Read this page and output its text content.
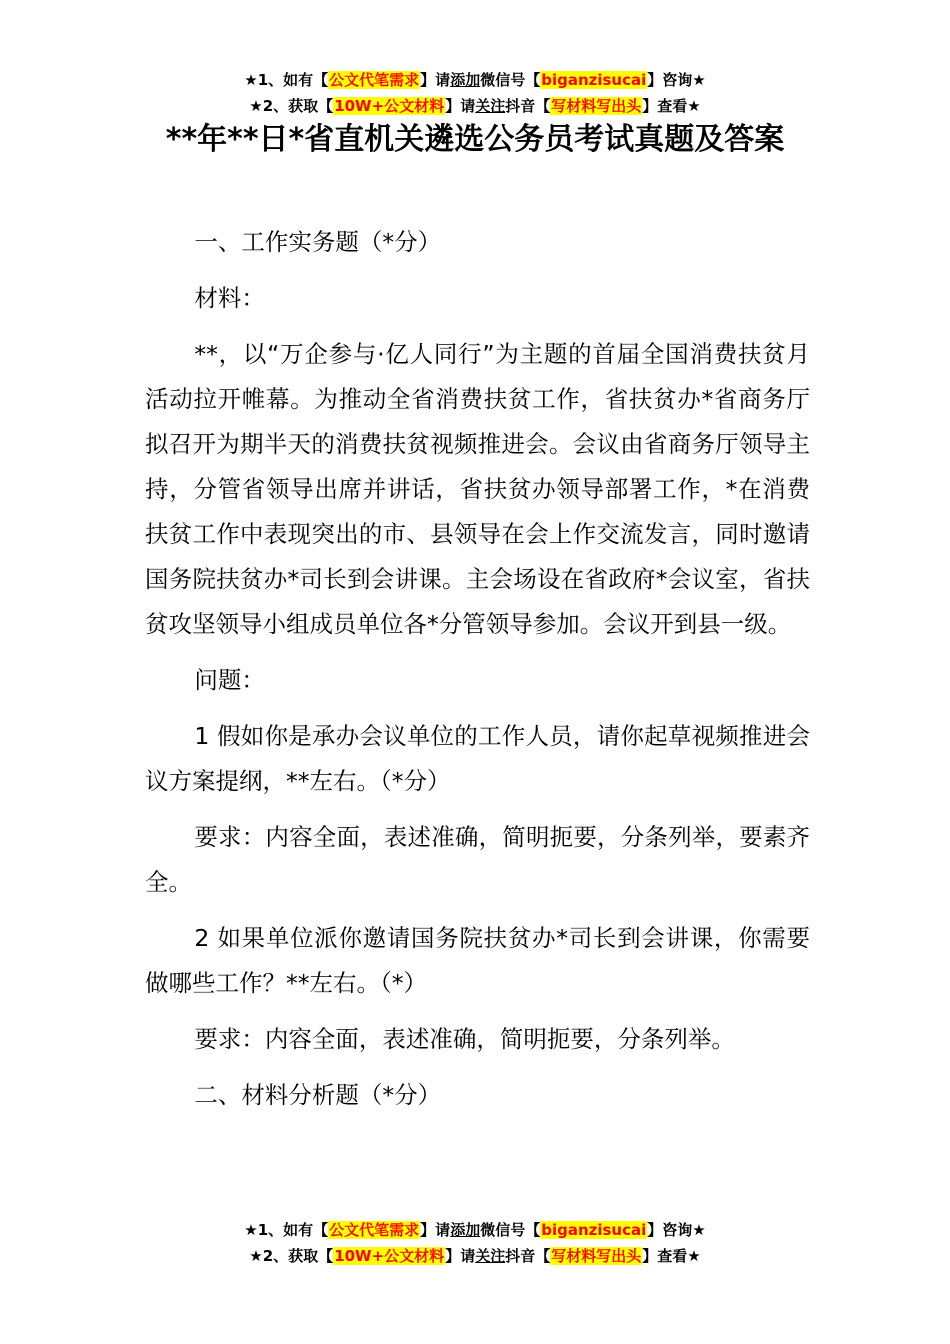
★1、如有【公文代笔需求】请添加微信号【biganzisucai】咨询★
★2、获取【10W+公文材料】请关注抖音【写材料写出头】查看★
**年**日*省直机关遴选公务员考试真题及答案

一、工作实务题（*分）

材料：

**，以“万企参与·亿人同行”为主题的首届全国消费扶贫月活动拉开帷幕。为推动全省消费扶贫工作，省扶贫办*省商务厅拟召开为期半天的消费扶贫视频推进会。会议由省商务厅领导主持，分管省领导出席并讲话，省扶贫办领导部署工作，*在消费扶贫工作中表现突出的市、县领导在会上作交流发言，同时邀请国务院扶贫办*司长到会讲课。主会场设在省政府*会议室，省扶贫攻坚领导小组成员单位各*分管领导参加。会议开到县一级。

问题：

1 假如你是承办会议单位的工作人员，请你起草视频推进会议方案提纲，**左右。（*分）

要求：内容全面，表述准确，简明扼要，分条列举，要素齐全。

2 如果单位派你邀请国务院扶贫办*司长到会讲课，你需要做哪些工作？**左右。（*）

要求：内容全面，表述准确，简明扼要，分条列举。

二、材料分析题（*分）

★1、如有【公文代笔需求】请添加微信号【biganzisucai】咨询★
★2、获取【10W+公文材料】请关注抖音【写材料写出头】查看★
